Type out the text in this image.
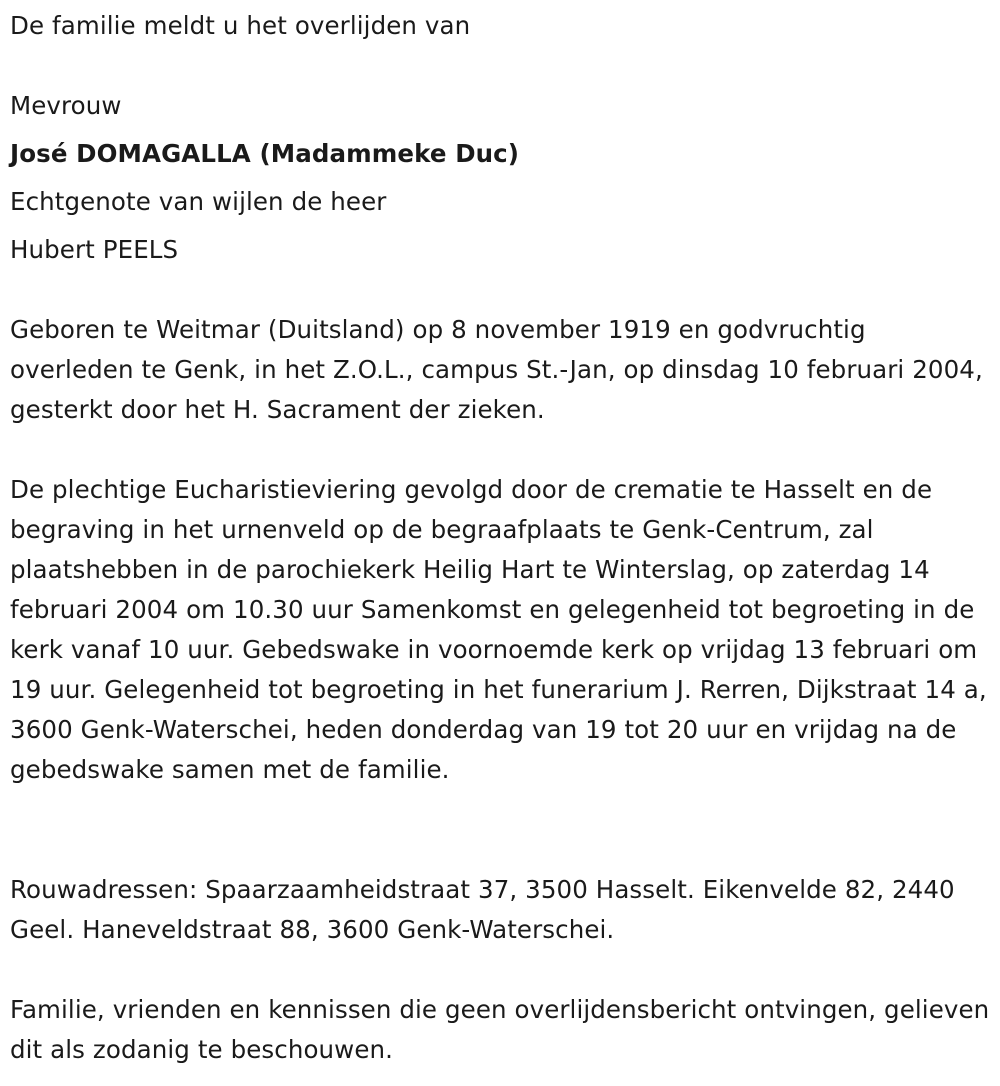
De familie meldt u het overlijden van
Mevrouw
José DOMAGALLA (Madammeke Duc)
Echtgenote van wijlen de heer
Hubert PEELS
Geboren te Weitmar (Duitsland) op 8 november 1919 en godvruchtig overleden te Genk, in het Z.O.L., campus St.-Jan, op dinsdag 10 februari 2004, gesterkt door het H. Sacrament der zieken.
De plechtige Eucharistieviering gevolgd door de crematie te Hasselt en de begraving in het urnenveld op de begraafplaats te Genk-Centrum, zal plaatshebben in de parochiekerk Heilig Hart te Winterslag, op zaterdag 14 februari 2004 om 10.30 uur Samenkomst en gelegenheid tot begroeting in de kerk vanaf 10 uur. Gebedswake in voornoemde kerk op vrijdag 13 februari om 19 uur. Gelegenheid tot begroeting in het funerarium J. Rerren, Dijkstraat 14 a, 3600 Genk-Waterschei, heden donderdag van 19 tot 20 uur en vrijdag na de gebedswake samen met de familie.
Rouwadressen: Spaarzaamheidstraat 37, 3500 Hasselt. Eikenvelde 82, 2440 Geel. Haneveldstraat 88, 3600 Genk-Waterschei.
Familie, vrienden en kennissen die geen overlijdensbericht ontvingen, gelieven dit als zodanig te beschouwen.
